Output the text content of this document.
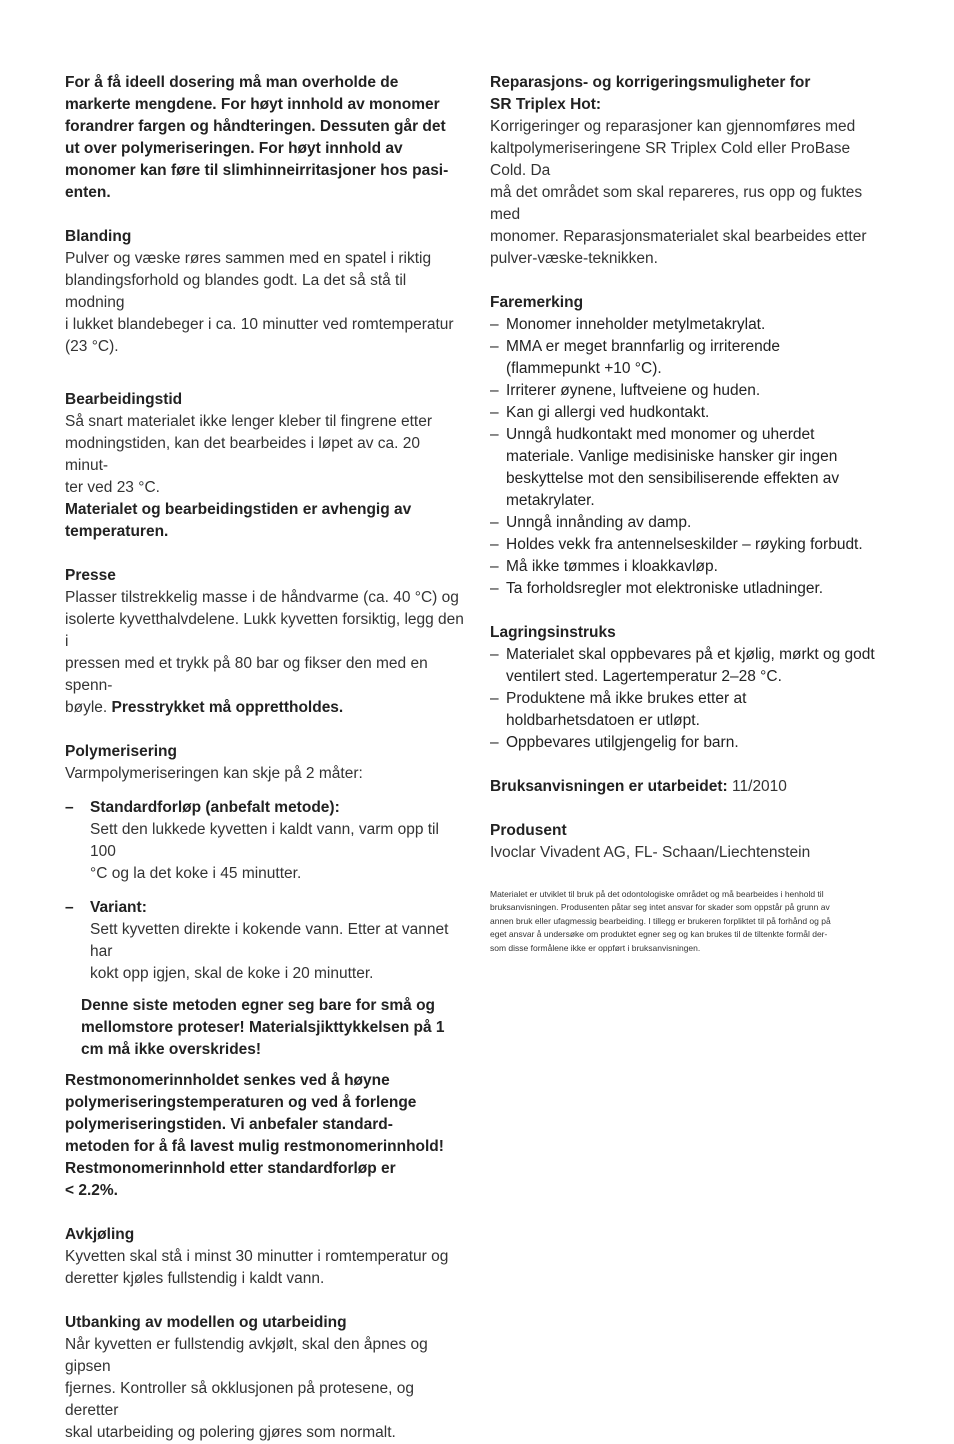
For å få ideell dosering må man overholde de

markerte mengdene. For høyt innhold av monomer

forandrer fargen og håndteringen. Dessuten går det

ut over polymeriseringen. For høyt innhold av

monomer kan føre til slimhinneirritasjoner hos pasi-

enten.

Blanding

Pulver og væske røres sammen med en spatel i riktig

blandingsforhold og blandes godt. La det så stå til modning

i lukket blandebeger i ca. 10 minutter ved romtemperatur

(23 °C).

Bearbeidingstid

Så snart materialet ikke lenger kleber til fingrene etter

modningstiden, kan det bearbeides i løpet av ca. 20 minut-

ter ved 23 °C.

Materialet og bearbeidingstiden er avhengig av

temperaturen.

Presse

Plasser tilstrekkelig masse i de håndvarme (ca. 40 °C) og

isolerte kyvetthalvdelene. Lukk kyvetten forsiktig, legg den i

pressen med et trykk på 80 bar og fikser den med en spenn-

bøyle. Presstrykket må opprettholdes.

Polymerisering

Varmpolymeriseringen kan skje på 2 måter:

– Standardforløp (anbefalt metode):

Sett den lukkede kyvetten i kaldt vann, varm opp til 100

°C og la det koke i 45 minutter.

– Variant:

Sett kyvetten direkte i kokende vann. Etter at vannet har

kokt opp igjen, skal de koke i 20 minutter.

Denne siste metoden egner seg bare for små og

mellomstore proteser! Materialsjikttykkelsen på 1

cm må ikke overskrides!

Restmonomerinnholdet senkes ved å høyne

polymeriseringstemperaturen og ved å forlenge

polymeriseringstiden. Vi anbefaler standard-

metoden for å få lavest mulig restmonomerinnhold!

Restmonomerinnhold etter standardforløp er

< 2.2%.

Avkjøling

Kyvetten skal stå i minst 30 minutter i romtemperatur og

deretter kjøles fullstendig i kaldt vann.

Utbanking av modellen og utarbeiding

Når kyvetten er fullstendig avkjølt, skal den åpnes og gipsen

fjernes. Kontroller så okklusjonen på protesene, og deretter

skal utarbeiding og polering gjøres som normalt.

Reparasjons- og korrigeringsmuligheter for

SR Triplex Hot:

Korrigeringer og reparasjoner kan gjennomføres med

kaltpolymeriseringene SR Triplex Cold eller ProBase Cold. Da

må det området som skal repareres, rus opp og fuktes med

monomer. Reparasjonsmaterialet skal bearbeides etter

pulver-væske-teknikken.

Faremerking

– Monomer inneholder metylmetakrylat.
– MMA er meget brannfarlig og irriterende
(flammepunkt +10 °C).
– Irriterer øynene, luftveiene og huden.
– Kan gi allergi ved hudkontakt.
– Unngå hudkontakt med monomer og uherdet
materiale. Vanlige medisiniske hansker gir ingen
beskyttelse mot den sensibiliserende effekten av
metakrylater.
– Unngå innånding av damp.
– Holdes vekk fra antennelseskilder – røyking forbudt.
– Må ikke tømmes i kloakkavløp.
– Ta forholdsregler mot elektroniske utladninger.

Lagringsinstruks

– Materialet skal oppbevares på et kjølig, mørkt og godt
ventilert sted. Lagertemperatur 2–28 °C.
– Produktene må ikke brukes etter at
holdbarhetsdatoen er utløpt.
– Oppbevares utilgjengelig for barn.

Bruksanvisningen er utarbeidet: 11/2010

Produsent

Ivoclar Vivadent AG, FL- Schaan/Liechtenstein

Materialet er utviklet til bruk på det odontologiske området og må bearbeides i henhold til

bruksanvisningen. Produsenten påtar seg intet ansvar for skader som oppstår på grunn av

annen bruk eller ufagmessig bearbeiding. I tillegg er brukeren forpliktet til på forhånd og på

eget ansvar å undersøke om produktet egner seg og kan brukes til de tiltenkte formål der-

som disse formålene ikke er oppført i bruksanvisningen.
